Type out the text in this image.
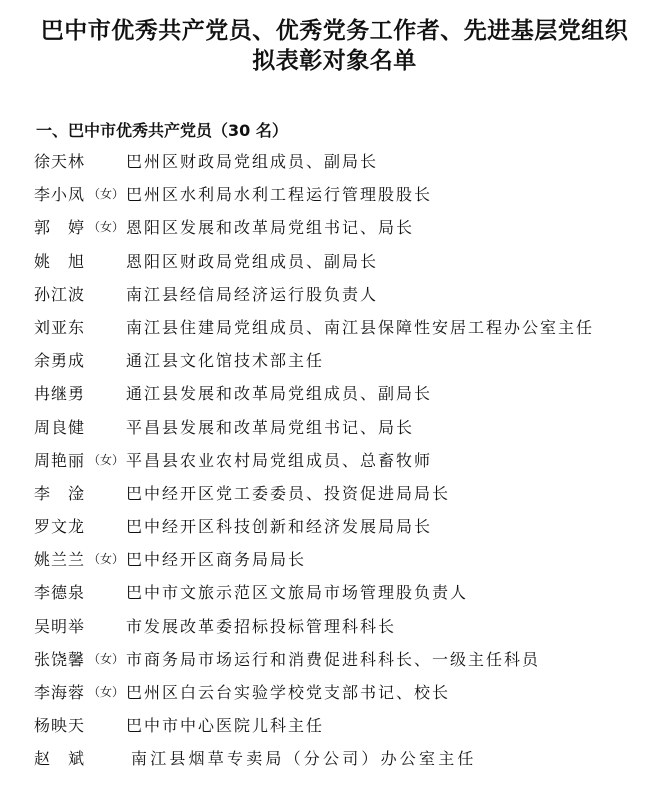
巴中市优秀共产党员、优秀党务工作者、先进基层党组织
拟表彰对象名单
一、巴中市优秀共产党员（30 名）
徐天林	巴州区财政局党组成员、副局长
李小凤 （女） 巴州区水利局水利工程运行管理股股长
郭　婷 （女） 恩阳区发展和改革局党组书记、局长
姚　旭	恩阳区财政局党组成员、副局长
孙江波	南江县经信局经济运行股负责人
刘亚东	南江县住建局党组成员、南江县保障性安居工程办公室主任
余勇成	通江县文化馆技术部主任
冉继勇	通江县发展和改革局党组成员、副局长
周良健	平昌县发展和改革局党组书记、局长
周艳丽 （女） 平昌县农业农村局党组成员、总畜牧师
李　淦	巴中经开区党工委委员、投资促进局局长
罗文龙	巴中经开区科技创新和经济发展局局长
姚兰兰 （女） 巴中经开区商务局局长
李德泉	巴中市文旅示范区文旅局市场管理股负责人
吴明举	市发展改革委招标投标管理科科长
张饶馨 （女） 市商务局市场运行和消费促进科科长、一级主任科员
李海蓉 （女） 巴州区白云台实验学校党支部书记、校长
杨映天	巴中市中心医院儿科主任
赵　斌	南江县烟草专卖局（分公司）办公室主任
